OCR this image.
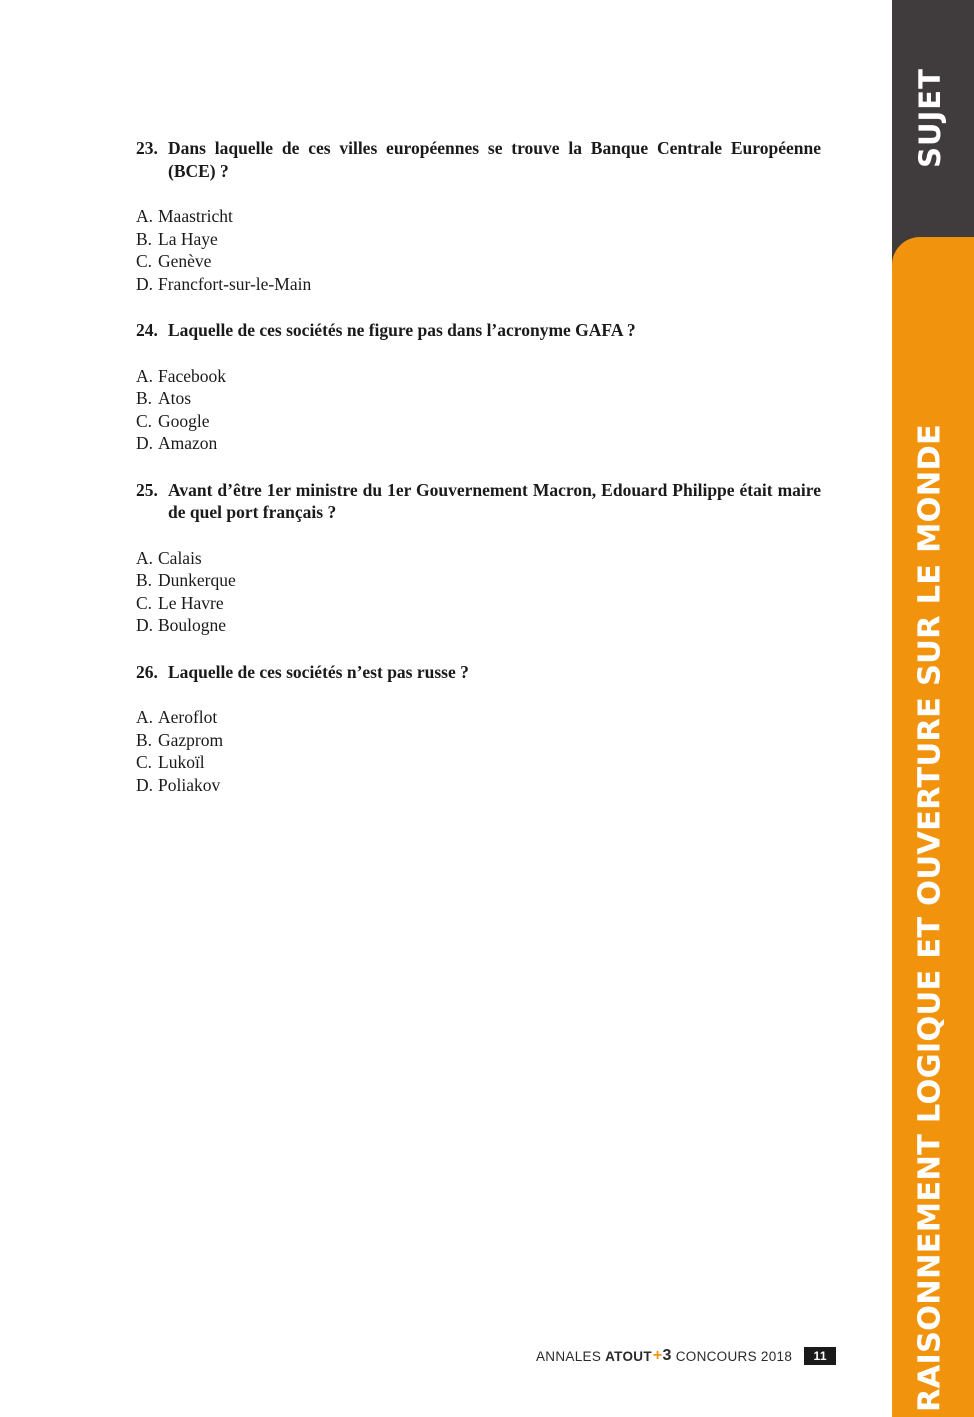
23. Dans laquelle de ces villes européennes se trouve la Banque Centrale Européenne (BCE) ?
A. Maastricht
B. La Haye
C. Genève
D. Francfort-sur-le-Main
24. Laquelle de ces sociétés ne figure pas dans l’acronyme GAFA ?
A. Facebook
B. Atos
C. Google
D. Amazon
25. Avant d’être 1er ministre du 1er Gouvernement Macron, Edouard Philippe était maire de quel port français ?
A. Calais
B. Dunkerque
C. Le Havre
D. Boulogne
26. Laquelle de ces sociétés n’est pas russe ?
A. Aeroflot
B. Gazprom
C. Lukoïl
D. Poliakov
SUJET
RAISONNEMENT LOGIQUE ET OUVERTURE SUR LE MONDE
ANNALES ATOUT + 3 CONCOURS 2018	11
